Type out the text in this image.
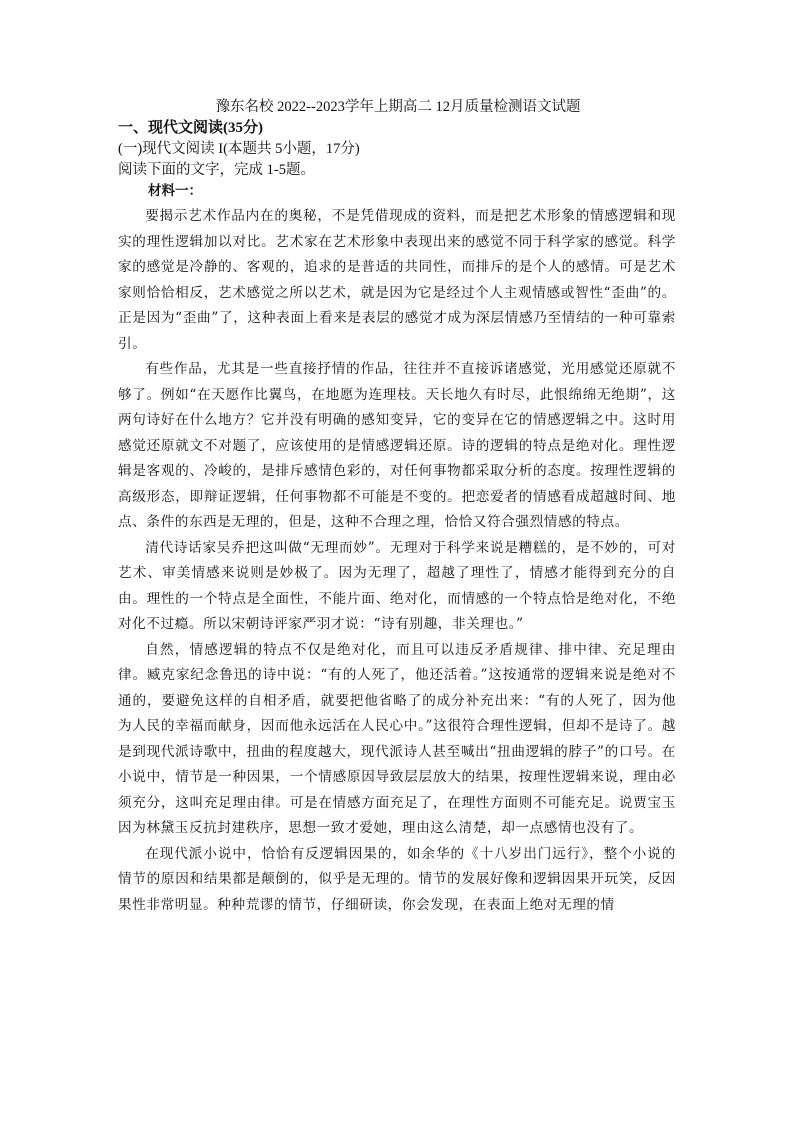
豫东名校 2022--2023学年上期高二 12月质量检测语文试题
一、现代文阅读(35分)
(一)现代文阅读 I(本题共 5小题，17分)
阅读下面的文字，完成 1-5题。
材料一：

要揭示艺术作品内在的奥秘，不是凭借现成的资料，而是把艺术形象的情感逻辑和现实的理性逻辑加以对比。艺术家在艺术形象中表现出来的感觉不同于科学家的感觉。科学家的感觉是冷静的、客观的，追求的是普适的共同性，而排斥的是个人的感情。可是艺术家则恰恰相反，艺术感觉之所以艺术，就是因为它是经过个人主观情感或智性“歪曲”的。正是因为“歪曲”了，这种表面上看来是表层的感觉才成为深层情感乃至情结的一种可靠索引。

有些作品，尤其是一些直接抒情的作品，往往并不直接诉诸感觉，光用感觉还原就不够了。例如“在天愿作比翼鸟，在地愿为连理枝。天长地久有时尽，此恨绵绵无绝期”，这两句诗好在什么地方？它并没有明确的感知变异，它的变异在它的情感逻辑之中。这时用感觉还原就文不对题了，应该使用的是情感逻辑还原。诗的逻辑的特点是绝对化。理性逻辑是客观的、冷峻的，是排斥感情色彩的，对任何事物都采取分析的态度。按理性逻辑的高级形态，即辩证逻辑，任何事物都不可能是不变的。把恋爱者的情感看成超越时间、地点、条件的东西是无理的，但是，这种不合理之理，恰恰又符合强烈情感的特点。

清代诗话家吴乔把这叫做“无理而妙”。无理对于科学来说是糟糕的，是不妙的，可对艺术、审美情感来说则是妙极了。因为无理了，超越了理性了，情感才能得到充分的自由。理性的一个特点是全面性，不能片面、绝对化，而情感的一个特点恰是绝对化，不绝对化不过瘾。所以宋朝诗评家严羽才说：“诗有别趣，非关理也。”

自然，情感逻辑的特点不仅是绝对化，而且可以违反矛盾规律、排中律、充足理由律。臧克家纪念鲁迅的诗中说：“有的人死了，他还活着。”这按通常的逻辑来说是绝对不通的，要避免这样的自相矛盾，就要把他省略了的成分补充出来：“有的人死了，因为他为人民的幸福而献身，因而他永远活在人民心中。”这很符合理性逻辑，但却不是诗了。越是到现代派诗歌中，扭曲的程度越大，现代派诗人甚至喊出“扭曲逻辑的脖子”的口号。在小说中，情节是一种因果，一个情感原因导致层层放大的结果，按理性逻辑来说，理由必须充分，这叫充足理由律。可是在情感方面充足了，在理性方面则不可能充足。说贾宝玉因为林黛玉反抗封建秩序，思想一致才爱她，理由这么清楚，却一点感情也没有了。

在现代派小说中，恰恰有反逻辑因果的，如余华的《十八岁出门远行》，整个小说的情节的原因和结果都是颠倒的，似乎是无理的。情节的发展好像和逻辑因果开玩笑，反因果性非常明显。种种荒谬的情节，仔细研读，你会发现，在表面上绝对无理的情
